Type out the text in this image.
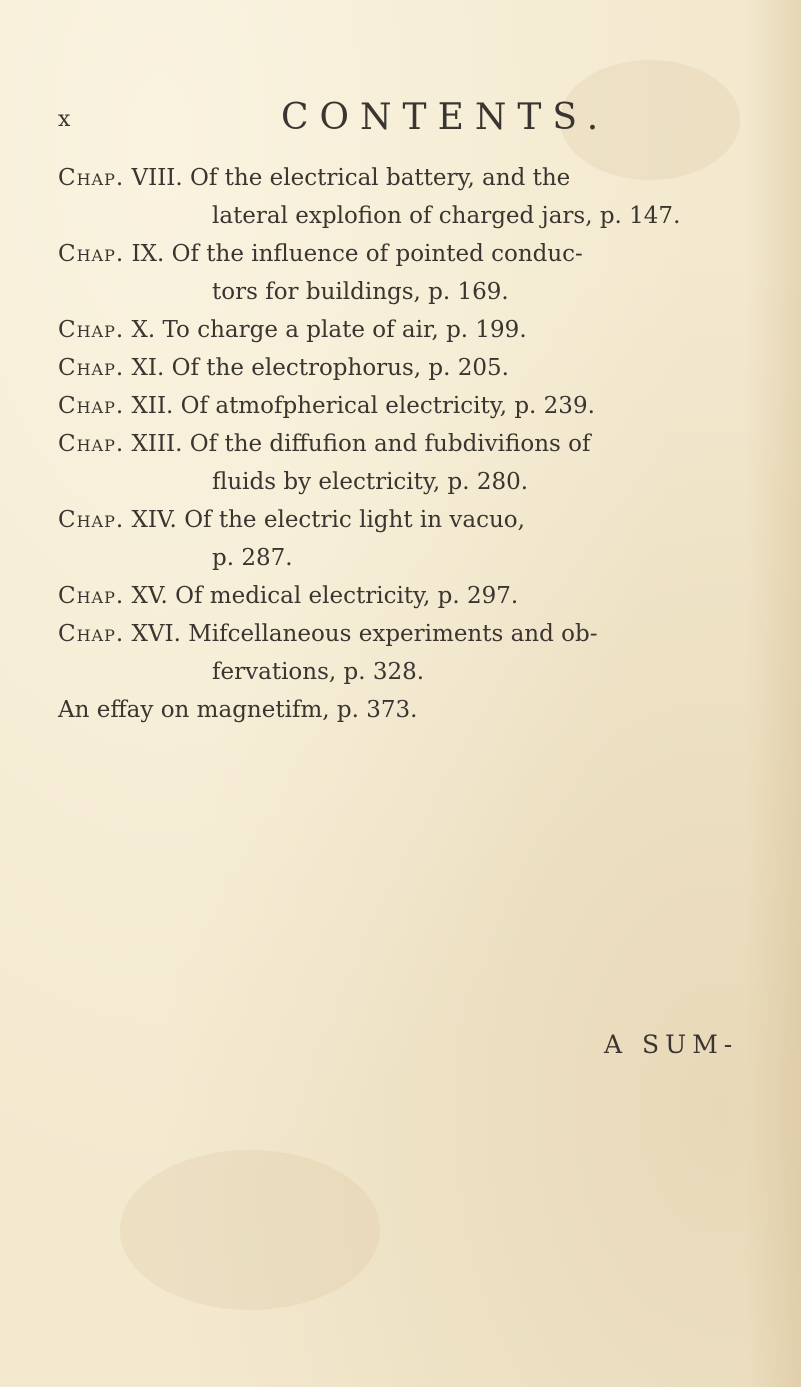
x	CONTENTS.

Chap. VIII. Of the electrical battery, and the
lateral explofion of charged jars, p. 147.

Chap. IX. Of the influence of pointed conduc-
tors for buildings, p. 169.

Chap. X. To charge a plate of air, p. 199.

Chap. XI. Of the electrophorus, p. 205.

Chap. XII. Of atmofpherical electricity, p. 239.

Chap. XIII. Of the diffufion and fubdivifions of
fluids by electricity, p. 280.

Chap. XIV. Of the electric light in vacuo,
p. 287.

Chap. XV. Of medical electricity, p. 297.

Chap. XVI. Mifcellaneous experiments and ob-
fervations, p. 328.

An effay on magnetifm, p. 373.

A SUM-
